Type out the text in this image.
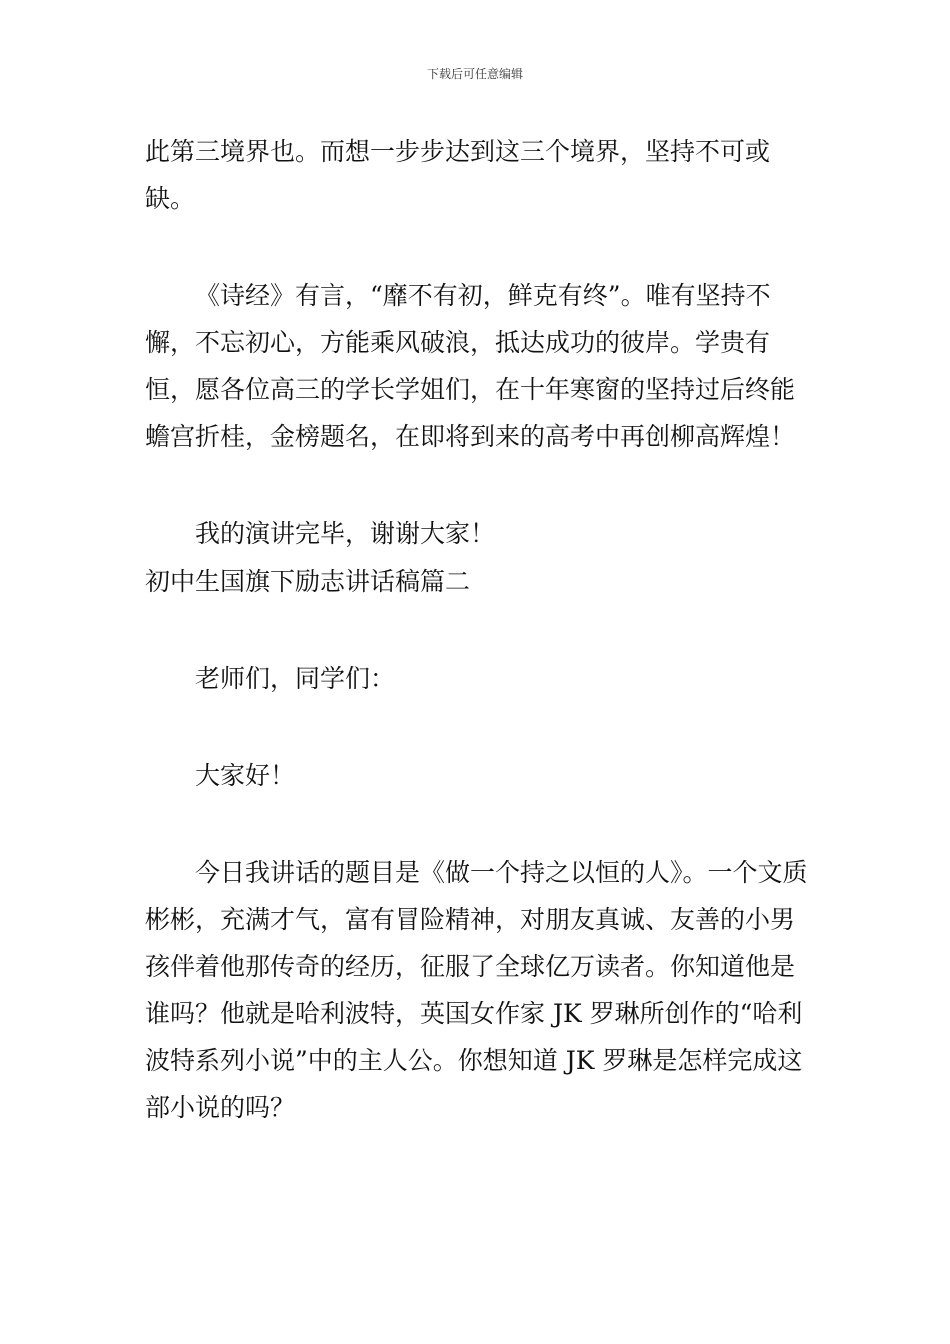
下载后可任意编辑

此第三境界也。而想一步步达到这三个境界，坚持不可或缺。

《诗经》有言，“靡不有初，鲜克有终”。唯有坚持不懈，不忘初心，方能乘风破浪，抵达成功的彼岸。学贵有恒，愿各位高三的学长学姐们，在十年寒窗的坚持过后终能蟾宫折桂，金榜题名，在即将到来的高考中再创柳高辉煌！

我的演讲完毕，谢谢大家！

初中生国旗下励志讲话稿篇二

老师们，同学们：

大家好！

今日我讲话的题目是《做一个持之以恒的人》。一个文质彬彬，充满才气，富有冒险精神，对朋友真诚、友善的小男孩伴着他那传奇的经历，征服了全球亿万读者。你知道他是谁吗？他就是哈利波特，英国女作家 JK 罗琳所创作的“哈利波特系列小说”中的主人公。你想知道 JK 罗琳是怎样完成这部小说的吗？
